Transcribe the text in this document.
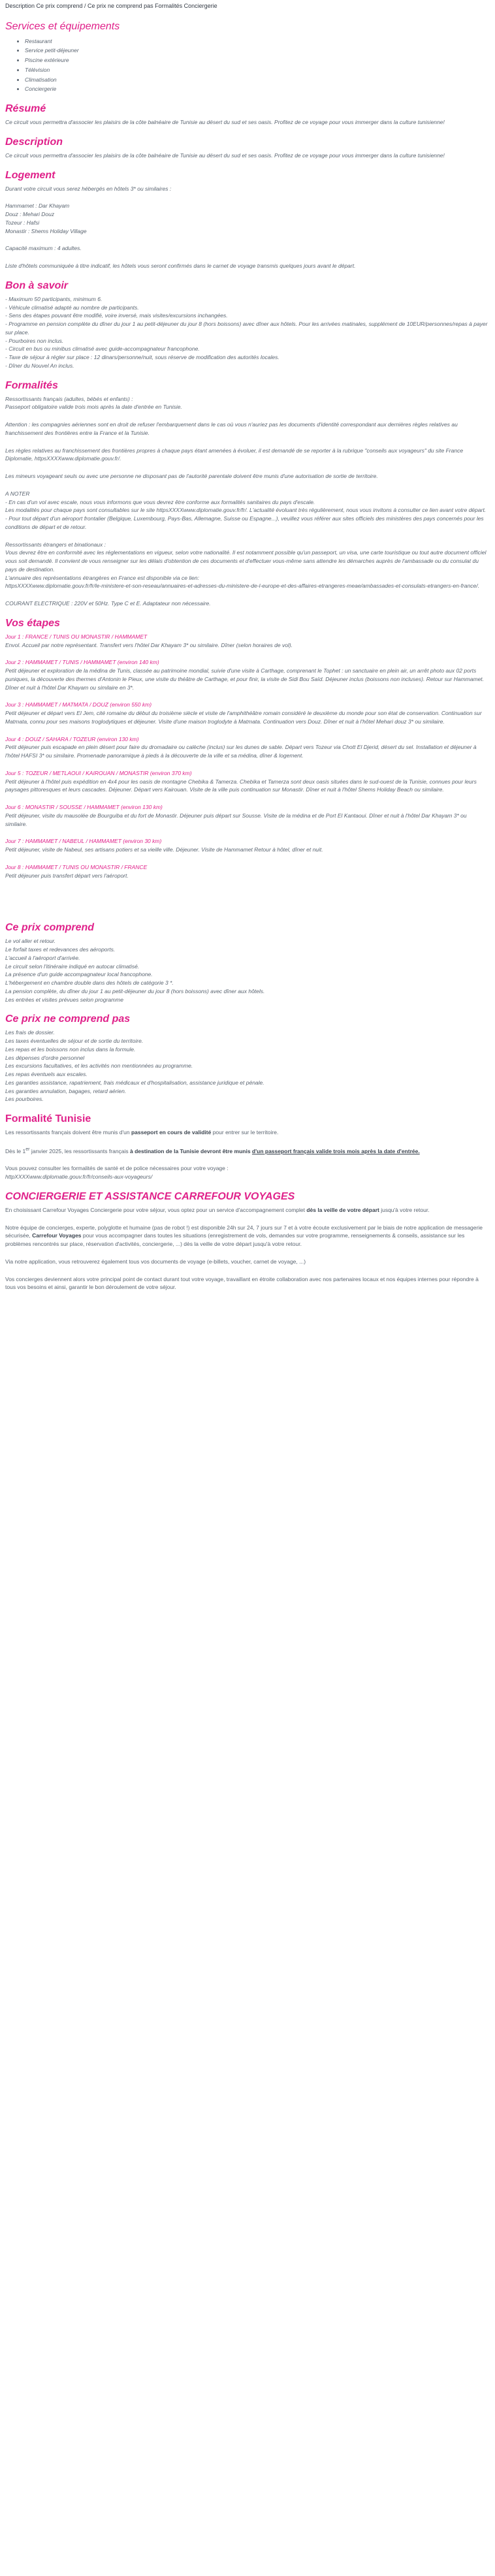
Description Ce prix comprend / Ce prix ne comprend pas Formalités Conciergerie
Services et équipements
• Restaurant
• Service petit-déjeuner
• Piscine extérieure
• Télévision
• Climatisation
• Conciergerie
Résumé

Ce circuit vous permettra d'associer les plaisirs de la côte balnéaire de Tunisie au désert du sud et ses oasis. Profitez de ce voyage pour vous immerger dans la culture tunisienne!

Description

Ce circuit vous permettra d'associer les plaisirs de la côte balnéaire de Tunisie au désert du sud et ses oasis. Profitez de ce voyage pour vous immerger dans la culture tunisienne!

Logement

Durant votre circuit vous serez hébergés en hôtels 3* ou similaires :

Hammamet : Dar Khayam

Douz : Mehari Douz

Tozeur : Hafsi

Monastir : Shems Holiday Village

Capacité maximum : 4 adultes.

Liste d'hôtels communiquée à titre indicatif, les hôtels vous seront confirmés dans le carnet de voyage transmis quelques jours avant le départ.

Bon à savoir

- Maximum 50 participants, minimum 6.

- Véhicule climatisé adapté au nombre de participants.

- Sens des étapes pouvant être modifié, voire inversé, mais visites/excursions inchangées.

- Programme en pension complète du dîner du jour 1 au petit-déjeuner du jour 8 (hors boissons) avec dîner aux hôtels. Pour les arrivées matinales, supplément de 10EUR/personnes/repas à payer sur place.

- Pourboires non inclus.

- Circuit en bus ou minibus climatisé avec guide-accompagnateur francophone.

- Taxe de séjour à régler sur place : 12 dinars/personne/nuit, sous réserve de modification des autorités locales.

- Dîner du Nouvel An inclus.

Formalités

Ressortissants français (adultes, bébés et enfants) :
Passeport obligatoire valide trois mois après la date d'entrée en Tunisie.

Attention : les compagnies aériennes sont en droit de refuser l'embarquement dans le cas où vous n'auriez pas les documents d'identité correspondant aux dernières règles relatives au franchissement des frontières entre la France et la Tunisie.

Les règles relatives au franchissement des frontières propres à chaque pays étant amenées à évoluer, il est demandé de se reporter à la rubrique "conseils aux voyageurs" du site France Diplomatie, httpsXXXXwww.diplomatie.gouv.fr/.

Les mineurs voyageant seuls ou avec une personne ne disposant pas de l'autorité parentale doivent être munis d'une autorisation de sortie de territoire.

A NOTER
- En cas d'un vol avec escale, nous vous informons que vous devrez être conforme aux formalités sanitaires du pays d'escale.
Les modalités pour chaque pays sont consultables sur le site httpsXXXXwww.diplomatie.gouv.fr/fr/. L'actualité évoluant très régulièrement, nous vous invitons à consulter ce lien avant votre départ.
- Pour tout départ d'un aéroport frontalier (Belgique, Luxembourg, Pays-Bas, Allemagne, Suisse ou Espagne...), veuillez vous référer aux sites officiels des ministères des pays concernés pour les conditions de départ et de retour.

Ressortissants étrangers et binationaux :
Vous devrez être en conformité avec les réglementations en vigueur, selon votre nationalité. Il est notamment possible qu'un passeport, un visa, une carte touristique ou tout autre document officiel vous soit demandé. Il convient de vous renseigner sur les délais d'obtention de ces documents et d'effectuer vous-même sans attendre les démarches auprès de l'ambassade ou du consulat du pays de destination.
L'annuaire des représentations étrangères en France est disponible via ce lien:
httpsXXXXwww.diplomatie.gouv.fr/fr/le-ministere-et-son-reseau/annuaires-et-adresses-du-ministere-de-l-europe-et-des-affaires-etrangeres-meae/ambassades-et-consulats-etrangers-en-france/.

COURANT ELECTRIQUE : 220V et 50Hz. Type C et E. Adaptateur non nécessaire.

Vos étapes

Jour 1 : FRANCE / TUNIS OU MONASTIR / HAMMAMET

Envol. Accueil par notre représentant. Transfert vers l'hôtel Dar Khayam 3* ou similaire. Dîner (selon horaires de vol).

Jour 2 : HAMMAMET / TUNIS / HAMMAMET (environ 140 km)

Petit déjeuner et exploration de la médina de Tunis, classée au patrimoine mondial, suivie d'une visite à Carthage, comprenant le Tophet : un sanctuaire en plein air, un arrêt photo aux 02 ports puniques, la découverte des thermes d'Antonin le Pieux, une visite du théâtre de Carthage, et pour finir, la visite de Sidi Bou Saïd. Déjeuner inclus (boissons non incluses). Retour sur Hammamet. Dîner et nuit à l'hôtel Dar Khayam ou similaire en 3*.

Jour 3 : HAMMAMET / MATMATA / DOUZ (environ 550 km)

Petit déjeuner et départ vers El Jem, cité romaine du début du troisième siècle et visite de l'amphithéâtre romain considéré le deuxième du monde pour son état de conservation. Continuation sur Matmata, connu pour ses maisons troglodytiques et déjeuner. Visite d'une maison troglodyte à Matmata. Continuation vers Douz. Dîner et nuit à l'hôtel Mehari douz 3* ou similaire.

Jour 4 : DOUZ / SAHARA / TOZEUR (environ 130 km)

Petit déjeuner puis escapade en plein désert pour faire du dromadaire ou calèche (inclus) sur les dunes de sable. Départ vers Tozeur via Chott El Djerid, désert du sel. Installation et déjeuner à l'hôtel HAFSI 3* ou similaire. Promenade panoramique à pieds à la découverte de la ville et sa médina, dîner & logement.

Jour 5 : TOZEUR / METLAOUI / KAIROUAN / MONASTIR (environ 370 km)

Petit déjeuner à l'hôtel puis expédition en 4x4 pour les oasis de montagne Chebika & Tamerza. Chebika et Tamerza sont deux oasis situées dans le sud-ouest de la Tunisie, connues pour leurs paysages pittoresques et leurs cascades. Déjeuner. Départ vers Kairouan. Visite de la ville puis continuation sur Monastir. Dîner et nuit à l'hôtel Shems Holiday Beach ou similaire.

Jour 6 : MONASTIR / SOUSSE / HAMMAMET (environ 130 km)

Petit déjeuner, visite du mausolée de Bourguiba et du fort de Monastir. Déjeuner puis départ sur Sousse. Visite de la médina et de Port El Kantaoui. Dîner et nuit à l'hôtel Dar Khayam 3* ou similaire.

Jour 7 : HAMMAMET / NABEUL / HAMMAMET (environ 30 km)

Petit déjeuner, visite de Nabeul, ses artisans potiers et sa vieille ville. Déjeuner. Visite de Hammamet Retour à hôtel, dîner et nuit.

Jour 8 : HAMMAMET / TUNIS OU MONASTIR / FRANCE

Petit déjeuner puis transfert départ vers l'aéroport.

Ce prix comprend

Le vol aller et retour.

Le forfait taxes et redevances des aéroports.

L'accueil à l'aéroport d'arrivée.

Le circuit selon l'itinéraire indiqué en autocar climatisé.

La présence d'un guide accompagnateur local francophone.

L'hébergement en chambre double dans des hôtels de catégorie 3 *.

La pension complète, du dîner du jour 1 au petit-déjeuner du jour 8 (hors boissons) avec dîner aux hôtels.

Les entrées et visites prévues selon programme

Ce prix ne comprend pas

Les frais de dossier.

Les taxes éventuelles de séjour et de sortie du territoire.

Les repas et les boissons non inclus dans la formule.

Les dépenses d'ordre personnel

Les excursions facultatives, et les activités non mentionnées au programme.

Les repas éventuels aux escales.

Les garanties assistance, rapatriement, frais médicaux et d'hospitalisation, assistance juridique et pénale.

Les garanties annulation, bagages, retard aérien.

Les pourboires.

Formalité Tunisie

Les ressortissants français doivent être munis d'un passeport en cours de validité pour entrer sur le territoire.

Dès le 1er janvier 2025, les ressortissants français à destination de la Tunisie devront être munis d'un passeport français valide trois mois après la date d'entrée.

Vous pouvez consulter les formalités de santé et de police nécessaires pour votre voyage :

httpXXXXwww.diplomatie.gouv.fr/fr/conseils-aux-voyageurs/

CONCIERGERIE ET ASSISTANCE CARREFOUR VOYAGES

En choisissant Carrefour Voyages Conciergerie pour votre séjour, vous optez pour un service d'accompagnement complet dès la veille de votre départ jusqu'à votre retour.

Notre équipe de concierges, experte, polyglotte et humaine (pas de robot !) est disponible 24h sur 24, 7 jours sur 7 et à votre écoute exclusivement par le biais de notre application de messagerie sécurisée, Carrefour Voyages pour vous accompagner dans toutes les situations (enregistrement de vols, demandes sur votre programme, renseignements & conseils, assistance sur les problèmes rencontrés sur place, réservation d'activités, conciergerie, ...) dès la veille de votre départ jusqu'à votre retour.

Via notre application, vous retrouverez également tous vos documents de voyage (e-billets, voucher, carnet de voyage, ...)

Vos concierges deviennent alors votre principal point de contact durant tout votre voyage, travaillant en étroite collaboration avec nos partenaires locaux et nos équipes internes pour répondre à tous vos besoins et ainsi, garantir le bon déroulement de votre séjour.
